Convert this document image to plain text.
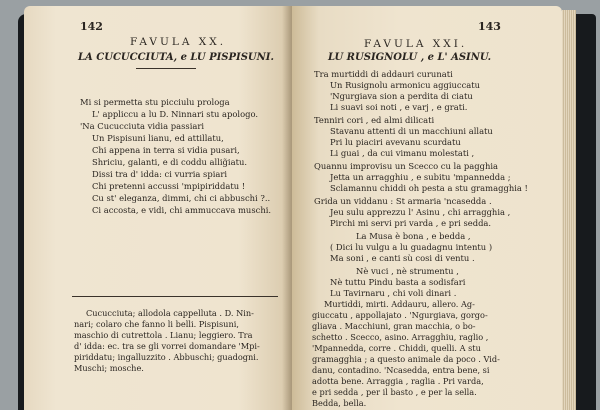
142
FAVULA XX.
LA CUCUCCIUTA, e LU PISPISUNI.
Mi si permetta stu picciulu prologa
L' appliccu a lu D. Ninnari stu apologo.
'Na Cucucciuta vidia passiari
Un Pispisuni lianu, ed attillatu,
Chi appena in terra si vidia pusari,
Shriciu, galanti, e di coddu allig̃iatu.
Dissi tra d' idda: ci vurria spiari
Chi pretenni accussi 'mpipiriddatu !
Cu st' eleganza, dimmi, chi ci abbuschi ?..
Ci accosta, e vidi, chi ammuccava muschi.
Cucucciuta; allodola cappelluta . D. Nin-
nari; colaro che fanno li belli. Pispisuni,
maschio di cutrettola . Lianu; leggiero. Tra
d' idda: ec. tra se gli vorrei domandare 'Mpi-
piriddatu; ingalluzzito . Abbuschi; guadogni.
Muschi; mosche.
143
FAVULA XXI.
LU RUSIGNOLU , e L' ASINU.
Tra murtiddi di addauri curunati
Un Rusignolu armonicu aggiuccatu
'Ngurgiava sion a perdita di ciatu
Li suavi soi noti , e varj , e grati.
Tenniri cori , ed almi dilicati
Stavanu attenti di un macchiuni allatu
Pri lu piaciri avevanu scurdatu
Li guai , da cui vimanu molestati ,
Quannu improvisu un Scecco cu la pagghia
Jetta un arragghiu , e subitu 'mpannedda ;
Sclamannu chiddi oh pesta a stu gramagghia !
Grida un viddanu : St armaria 'ncasedda .
Jeu sulu apprezzu l' Asinu , chi arragghia ,
Pirchi mi servi pri varda , e pri sedda.
La Musa è bona , e bedda ,
( Dici lu vulgu a lu guadagnu intentu )
Ma soni , e canti sù cosi di ventu .
Nè vuci , nè strumentu ,
Nè tuttu Pindu basta a sodisfari
Lu Tavirnaru , chi voli dinari .
Murtiddi, mirti. Addauru, allero. Ag-
giuccatu , appollajato . 'Ngurgiava, gorgo-
gliava . Macchiuni, gran macchia, o bo-
schetto . Scecco, asino. Arragghiu, raglio ,
'Mpannedda, corre . Chiddi, quelli. A stu
gramagghia ; a questo animale da poco . Vid-
danu, contadino. 'Ncasedda, entra bene, si
adotta bene. Arraggia , raglia . Pri varda,
e pri sedda , per il basto , e per la sella.
Bedda, bella.
